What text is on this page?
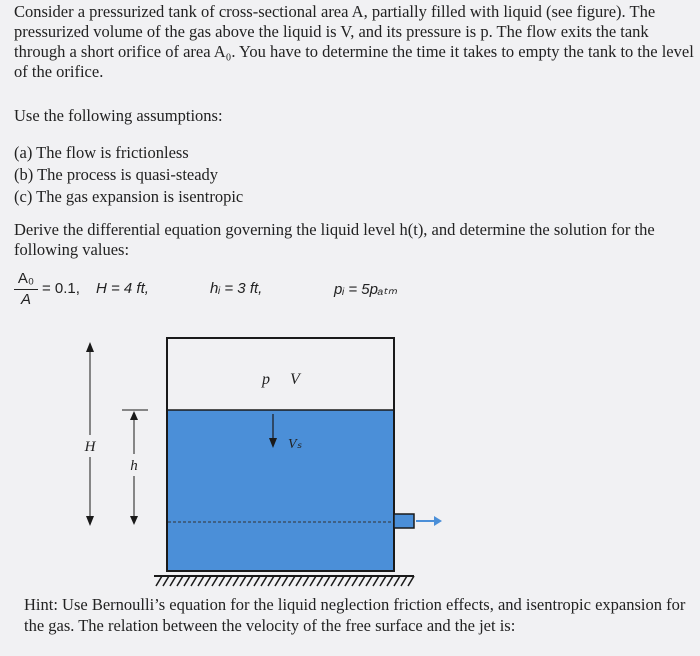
Consider a pressurized tank of cross-sectional area A, partially filled with liquid (see figure). The pressurized volume of the gas above the liquid is V, and its pressure is p. The flow exits the tank through a short orifice of area A₀. You have to determine the time it takes to empty the tank to the level of the orifice.

Use the following assumptions:

(a) The flow is frictionless
(b) The process is quasi-steady
(c) The gas expansion is isentropic

Derive the differential equation governing the liquid level h(t), and determine the solution for the following values:

A₀
A
= 0.1, H = 4 ft,	hᵢ = 3 ft,	pᵢ = 5pₐₜₘ
H
h
p V
Vₛ

Hint: Use Bernoulli’s equation for the liquid neglection friction effects, and isentropic expansion for the gas. The relation between the velocity of the free surface and the jet is:
